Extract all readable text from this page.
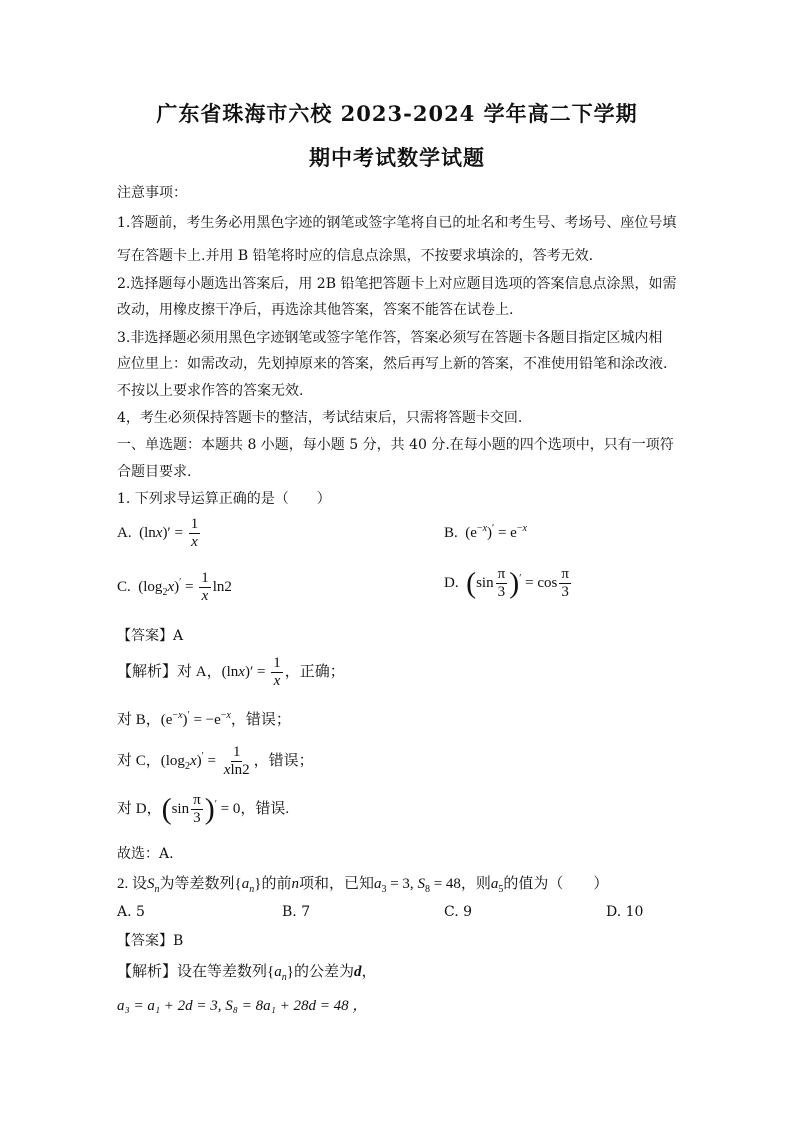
广东省珠海市六校 2023-2024 学年高二下学期
期中考试数学试题
注意事项：
1.答题前，考生务必用黑色字迹的钢笔或签字笔将自已的址名和考生号、考场号、座位号填
写在答题卡上.并用 B 铅笔将时应的信息点涂黑，不按要求填涂的，答考无效.
2.选择题每小题选出答案后，用 2B 铅笔把答题卡上对应题目选项的答案信息点涂黑，如需
改动，用橡皮擦干净后，再选涂其他答案，答案不能答在试卷上.
3.非选择题必须用黑色字迹钢笔或签字笔作答，答案必须写在答题卡各题目指定区城内相
应位里上：如需改动，先划掉原来的答案，然后再写上新的答案，不准使用铅笔和涂改液.
不按以上要求作答的答案无效.
4，考生必须保持答题卡的整洁，考试结束后，只需将答题卡交回.
一、单选题：本题共 8 小题，每小题 5 分，共 40 分.在每小题的四个选项中，只有一项符
合题目要求.
1. 下列求导运算正确的是（　　）
A.  $(\ln x)' = \frac{1}{x}$	B.  $(e^{-x})' = e^{-x}$
C.  $(\log_2x)' = \frac{1}{x} \ln 2$	D. $(\sin \frac{\pi}{3} )' = \cos \frac{\pi}{3}$
【答案】A
【解析】对 A，$(\ln x)' = \frac{1}{x}$ ，正确；
对 B，$(e^{-x})' = -e^{-x}$，错误；
对 C，$(\log_2x)' = \frac{1}{xln2}$ ，错误；
对 D，$(\sin \frac{\pi}{3} )' = 0$，错误.
故选：A.
2. 设$S_n$为等差数列$\{a_n\}$的前n项和，已知$a_3 = 3$, $S_8 = 48$，则$a_5$的值为（　　）
A. 5	B. 7	C. 9	D. 10
【答案】B
【解析】设在等差数列$\{a_n\}$的公差为d，
a₃ = a₁ + 2d = 3, S₈ = 8a₁ + 28d = 48 ，
